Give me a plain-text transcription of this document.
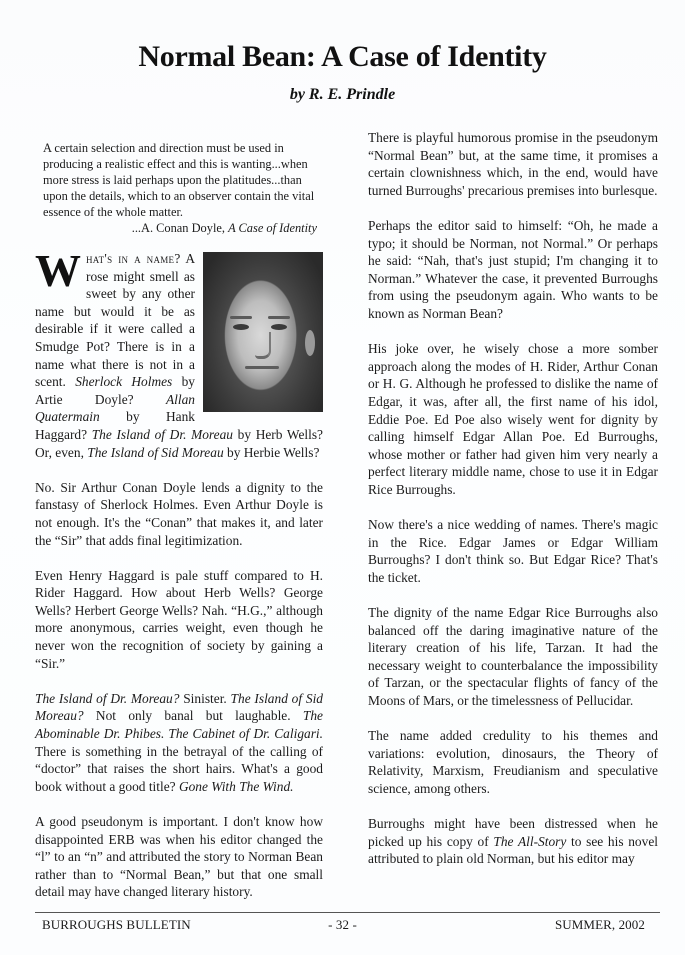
Normal Bean: A Case of Identity
by R. E. Prindle
A certain selection and direction must be used in producing a realistic effect and this is wanting...when more stress is laid perhaps upon the platitudes...than upon the details, which to an observer contain the vital essence of the whole matter.
...A. Conan Doyle, A Case of Identity
What's in a name? A rose might smell as sweet by any other name but would it be as desirable if it were called a Smudge Pot? There is in a name what there is not in a scent. Sherlock Holmes by Artie Doyle? Allan Quatermain by Hank Haggard? The Island of Dr. Moreau by Herb Wells? Or, even, The Island of Sid Moreau by Herbie Wells?
No. Sir Arthur Conan Doyle lends a dignity to the fanstasy of Sherlock Holmes. Even Arthur Doyle is not enough. It's the “Conan” that makes it, and later the “Sir” that adds final legitimization.
Even Henry Haggard is pale stuff compared to H. Rider Haggard. How about Herb Wells? George Wells? Herbert George Wells? Nah. “H.G.,” although more anonymous, carries weight, even though he never won the recognition of society by gaining a “Sir.”
The Island of Dr. Moreau? Sinister. The Island of Sid Moreau? Not only banal but laughable. The Abominable Dr. Phibes. The Cabinet of Dr. Caligari. There is something in the betrayal of the calling of “doctor” that raises the short hairs. What's a good book without a good title? Gone With The Wind.
A good pseudonym is important. I don't know how disappointed ERB was when his editor changed the “l” to an “n” and attributed the story to Norman Bean rather than to “Normal Bean,” but that one small detail may have changed literary history.
There is playful humorous promise in the pseudonym “Normal Bean” but, at the same time, it promises a certain clownishness which, in the end, would have turned Burroughs' precarious premises into burlesque.
Perhaps the editor said to himself: “Oh, he made a typo; it should be Norman, not Normal.” Or perhaps he said: “Nah, that's just stupid; I'm changing it to Norman.” Whatever the case, it prevented Burroughs from using the pseudonym again. Who wants to be known as Norman Bean?
His joke over, he wisely chose a more somber approach along the modes of H. Rider, Arthur Conan or H. G. Although he professed to dislike the name of Edgar, it was, after all, the first name of his idol, Eddie Poe. Ed Poe also wisely went for dignity by calling himself Edgar Allan Poe. Ed Burroughs, whose mother or father had given him very nearly a perfect literary middle name, chose to use it in Edgar Rice Burroughs.
Now there's a nice wedding of names. There's magic in the Rice. Edgar James or Edgar William Burroughs? I don't think so. But Edgar Rice? That's the ticket.
The dignity of the name Edgar Rice Burroughs also balanced off the daring imaginative nature of the literary creation of his life, Tarzan. It had the necessary weight to counterbalance the impossibility of Tarzan, or the spectacular flights of fancy of the Moons of Mars, or the timelessness of Pellucidar.
The name added credulity to his themes and variations: evolution, dinosaurs, the Theory of Relativity, Marxism, Freudianism and speculative science, among others.
Burroughs might have been distressed when he picked up his copy of The All-Story to see his novel attributed to plain old Norman, but his editor may
BURROUGHS BULLETIN	- 32 -	SUMMER, 2002
